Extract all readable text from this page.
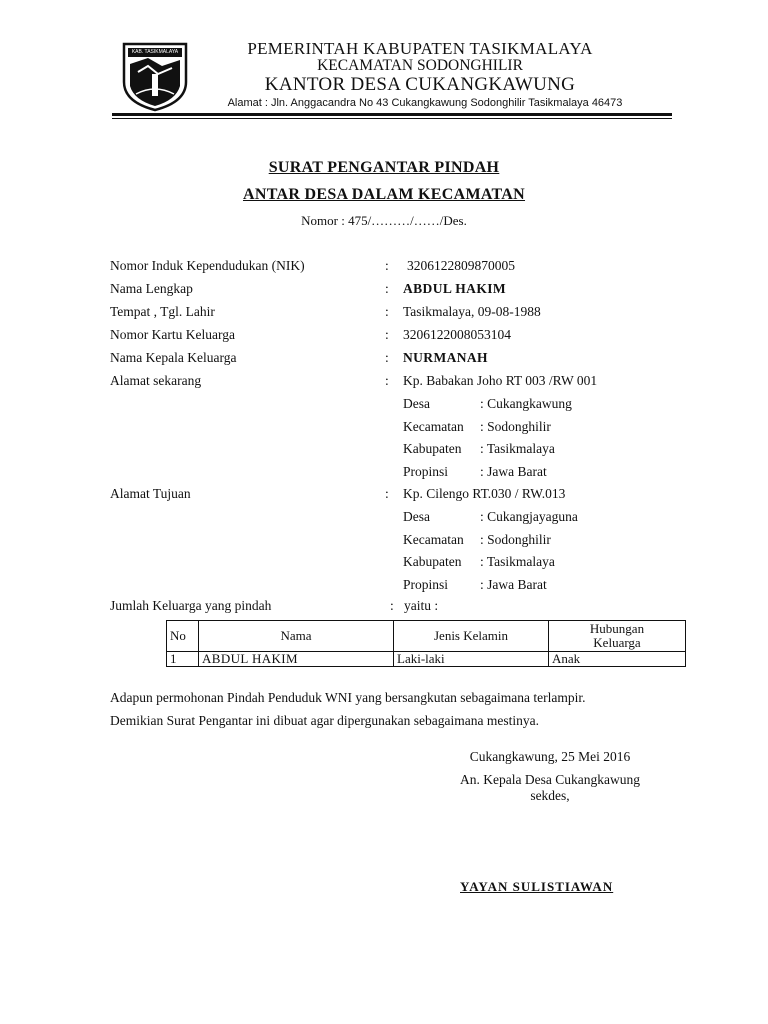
KAB. TASIKMALAYA	PEMERINTAH KABUPATEN TASIKMALAYA
KECAMATAN SODONGHILIR
KANTOR DESA CUKANGKAWUNG
Alamat : Jln. Anggacandra No 43 Cukangkawung Sodonghilir Tasikmalaya 46473
SURAT PENGANTAR PINDAH
ANTAR DESA DALAM KECAMATAN
Nomor : 475/………/……/Des.
Nomor Induk Kependudukan (NIK)	: 3206122809870005
Nama Lengkap	: ABDUL HAKIM
Tempat , Tgl. Lahir	: Tasikmalaya, 09-08-1988
Nomor Kartu Keluarga	: 3206122008053104
Nama Kepala Keluarga	: NURMANAH
Alamat sekarang	: Kp. Babakan Joho RT 003 /RW 001
Desa	: Cukangkawung
Kecamatan : Sodonghilir
Kabupaten : Tasikmalaya
Propinsi : Jawa Barat
Alamat Tujuan	: Kp. Cilengo RT.030 / RW.013
Desa	: Cukangjayaguna
Kecamatan : Sodonghilir
Kabupaten : Tasikmalaya
Propinsi : Jawa Barat
Jumlah Keluarga yang pindah	: yaitu :
No	Nama	Jenis Kelamin	Hubungan Keluarga
1	ABDUL HAKIM	Laki-laki	Anak
Adapun permohonan Pindah Penduduk WNI yang bersangkutan sebagaimana terlampir.
Demikian Surat Pengantar ini dibuat agar dipergunakan sebagaimana mestinya.
Cukangkawung, 25 Mei 2016
An. Kepala Desa Cukangkawung
sekdes,
YAYAN SULISTIAWAN
